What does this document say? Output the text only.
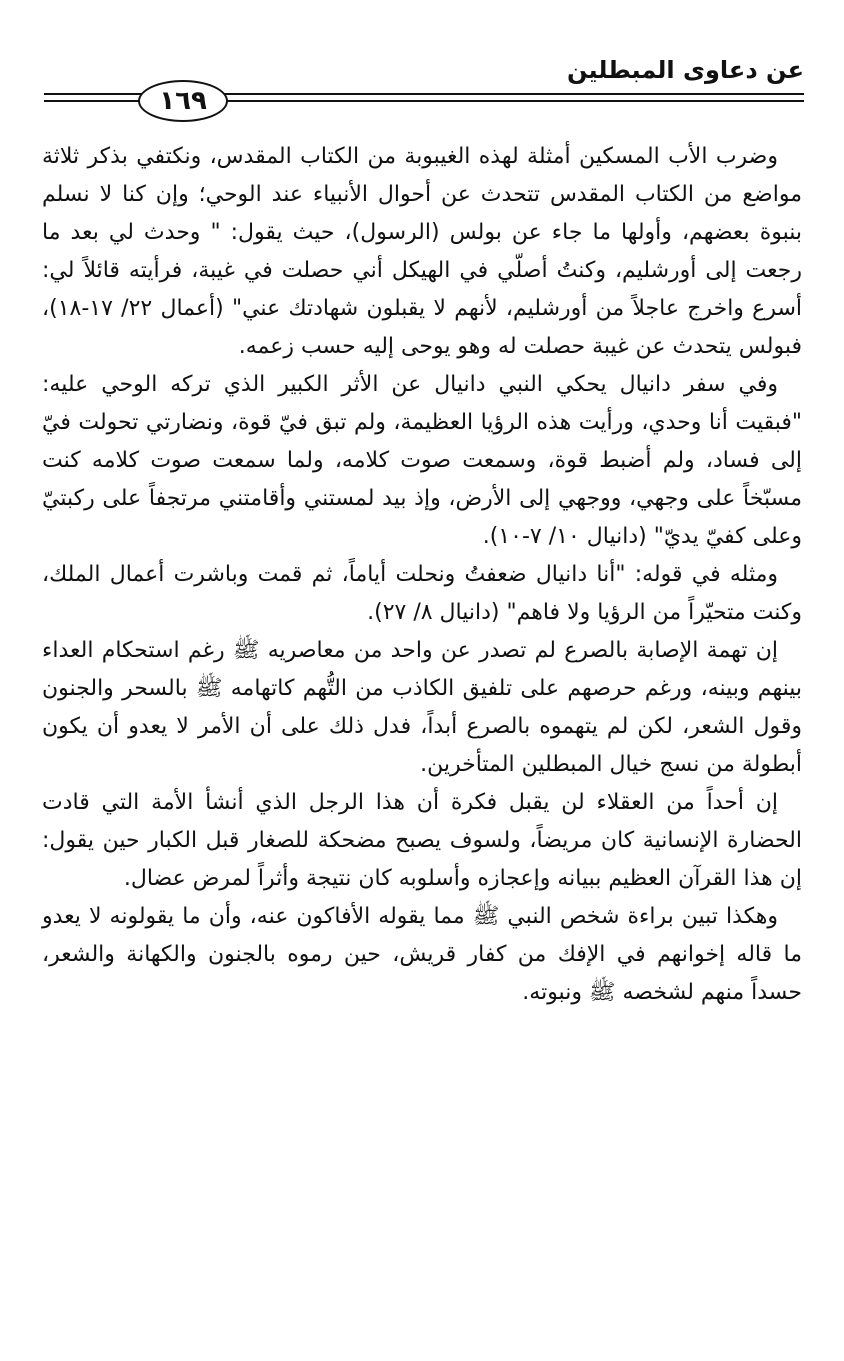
عن دعاوى المبطلين
١٦٩

وضرب الأب المسكين أمثلة لهذه الغيبوبة من الكتاب المقدس، ونكتفي بذكر ثلاثة مواضع من الكتاب المقدس تتحدث عن أحوال الأنبياء عند الوحي؛ وإن كنا لا نسلم بنبوة بعضهم، وأولها ما جاء عن بولس (الرسول)، حيث يقول: " وحدث لي بعد ما رجعت إلى أورشليم، وكنتُ أصلّي في الهيكل أني حصلت في غيبة، فرأيته قائلاً لي: أسرع واخرج عاجلاً من أورشليم، لأنهم لا يقبلون شهادتك عني" (أعمال ٢٢/ ١٧-١٨)، فبولس يتحدث عن غيبة حصلت له وهو يوحى إليه حسب زعمه.

وفي سفر دانيال يحكي النبي دانيال عن الأثر الكبير الذي تركه الوحي عليه: "فبقيت أنا وحدي، ورأيت هذه الرؤيا العظيمة، ولم تبق فيّ قوة، ونضارتي تحولت فيّ إلى فساد، ولم أضبط قوة، وسمعت صوت كلامه، ولما سمعت صوت كلامه كنت مسبّخاً على وجهي، ووجهي إلى الأرض، وإذ بيد لمستني وأقامتني مرتجفاً على ركبتيّ وعلى كفيّ يديّ" (دانيال ١٠/ ٧-١٠).

ومثله في قوله: "أنا دانيال ضعفتُ ونحلت أياماً، ثم قمت وباشرت أعمال الملك، وكنت متحيّراً من الرؤيا ولا فاهم" (دانيال ٨/ ٢٧).

إن تهمة الإصابة بالصرع لم تصدر عن واحد من معاصريه ﷺ رغم استحكام العداء بينهم وبينه، ورغم حرصهم على تلفيق الكاذب من التُّهم كاتهامه ﷺ بالسحر والجنون وقول الشعر، لكن لم يتهموه بالصرع أبداً، فدل ذلك على أن الأمر لا يعدو أن يكون أبطولة من نسج خيال المبطلين المتأخرين.

إن أحداً من العقلاء لن يقبل فكرة أن هذا الرجل الذي أنشأ الأمة التي قادت الحضارة الإنسانية كان مريضاً، ولسوف يصبح مضحكة للصغار قبل الكبار حين يقول: إن هذا القرآن العظيم ببيانه وإعجازه وأسلوبه كان نتيجة وأثراً لمرض عضال.

وهكذا تبين براءة شخص النبي ﷺ مما يقوله الأفاكون عنه، وأن ما يقولونه لا يعدو ما قاله إخوانهم في الإفك من كفار قريش، حين رموه بالجنون والكهانة والشعر، حسداً منهم لشخصه ﷺ ونبوته.
